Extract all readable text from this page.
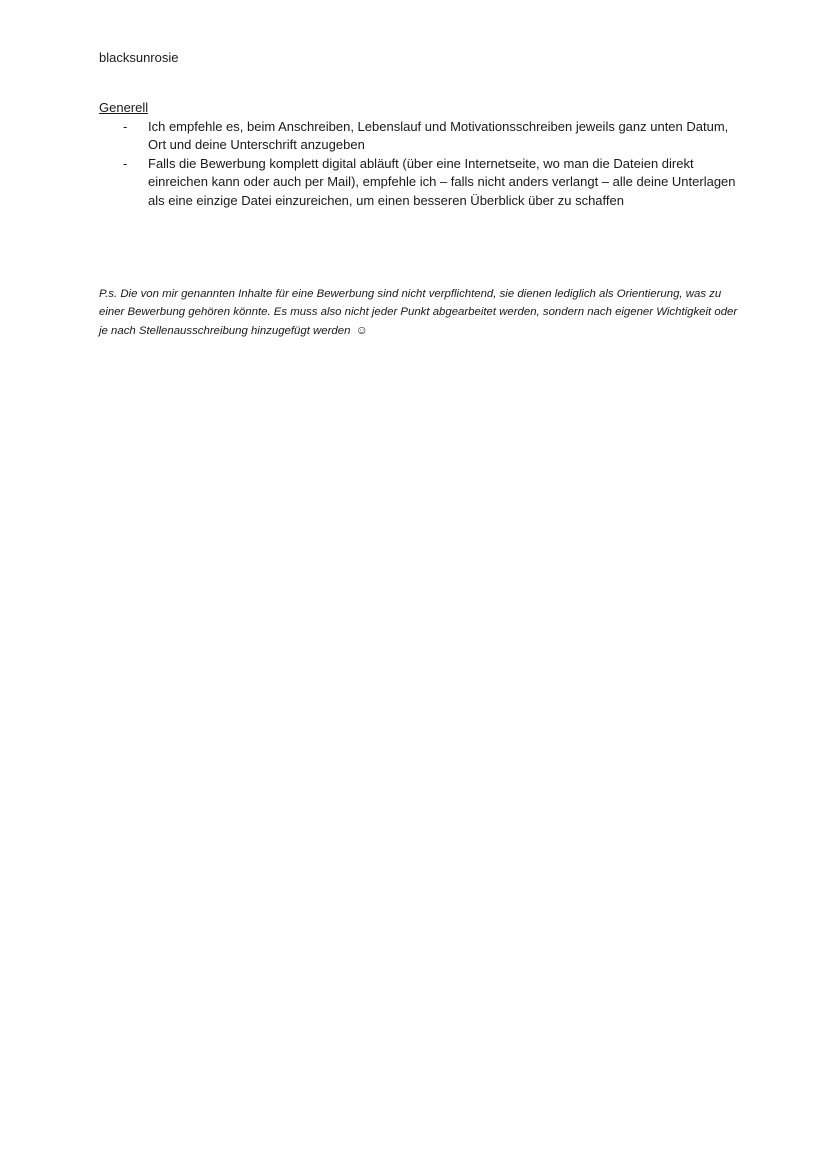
blacksunrosie

Generell

- Ich empfehle es, beim Anschreiben, Lebenslauf und Motivationsschreiben jeweils ganz unten Datum, Ort und deine Unterschrift anzugeben
- Falls die Bewerbung komplett digital abläuft (über eine Internetseite, wo man die Dateien direkt einreichen kann oder auch per Mail), empfehle ich – falls nicht anders verlangt – alle deine Unterlagen als eine einzige Datei einzureichen, um einen besseren Überblick über zu schaffen

P.s. Die von mir genannten Inhalte für eine Bewerbung sind nicht verpflichtend, sie dienen lediglich als Orientierung, was zu einer Bewerbung gehören könnte. Es muss also nicht jeder Punkt abgearbeitet werden, sondern nach eigener Wichtigkeit oder je nach Stellenausschreibung hinzugefügt werden ☺
